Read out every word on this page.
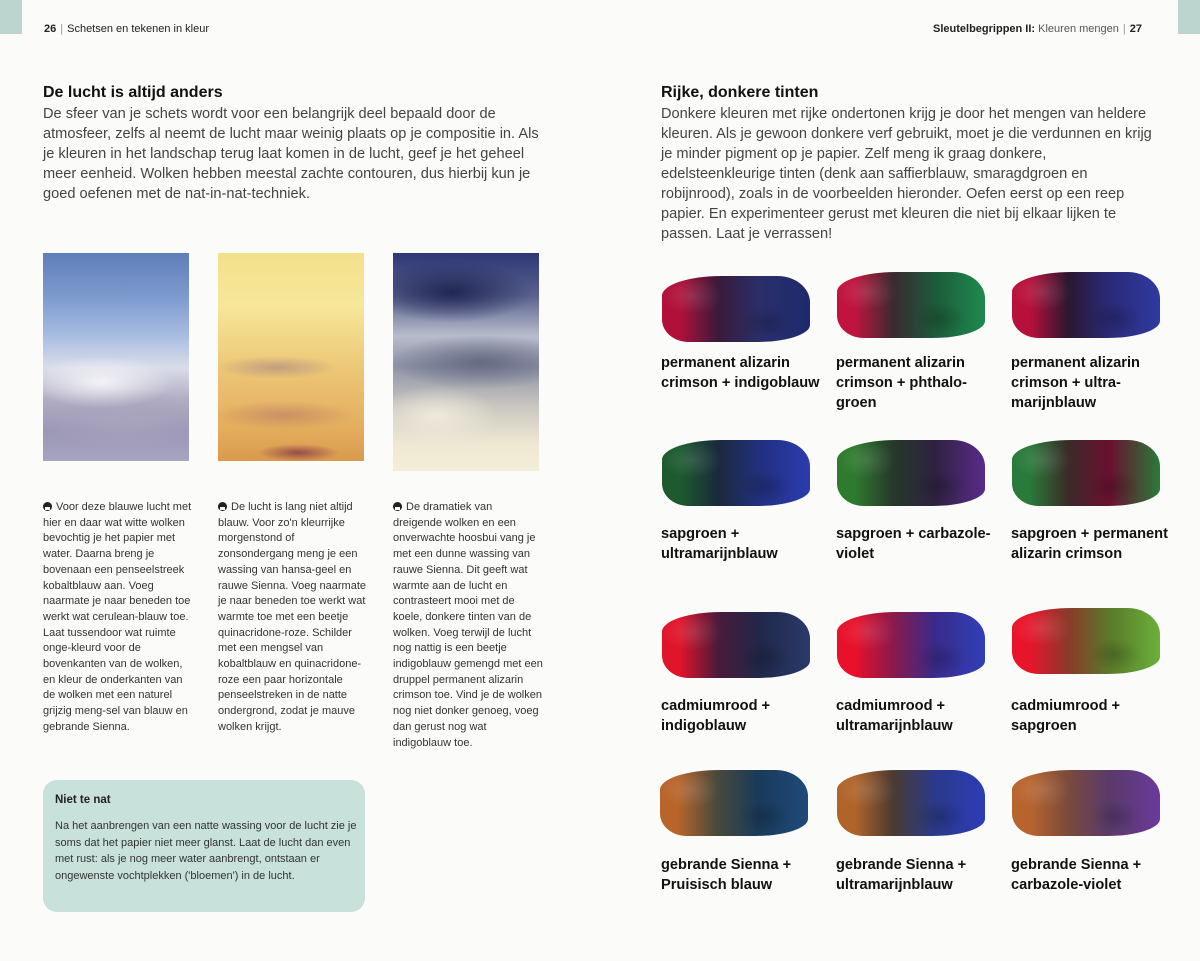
26 | Schetsen en tekenen in kleur	Sleutelbegrippen II: Kleuren mengen | 27
De lucht is altijd anders

De sfeer van je schets wordt voor een belangrijk deel bepaald door de atmosfeer, zelfs al neemt de lucht maar weinig plaats op je compositie in. Als je kleuren in het landschap terug laat komen in de lucht, geef je het geheel meer eenheid. Wolken hebben meestal zachte contouren, dus hierbij kun je goed oefenen met de nat-in-nat-techniek.

Voor deze blauwe lucht met hier en daar wat witte wolken bevochtig je het papier met water. Daarna breng je bovenaan een penseelstreek kobaltblauw aan. Voeg naarmate je naar beneden toe werkt wat cerulean-blauw toe. Laat tussendoor wat ruimte onge-kleurd voor de bovenkanten van de wolken, en kleur de onderkanten van de wolken met een naturel grijzig meng-sel van blauw en gebrande Sienna.

De lucht is lang niet altijd blauw. Voor zo'n kleurrijke morgenstond of zonsondergang meng je een wassing van hansa-geel en rauwe Sienna. Voeg naarmate je naar beneden toe werkt wat warmte toe met een beetje quinacridone-roze. Schilder met een mengsel van kobaltblauw en quinacridone-roze een paar horizontale penseelstreken in de natte ondergrond, zodat je mauve wolken krijgt.

De dramatiek van dreigende wolken en een onverwachte hoosbui vang je met een dunne wassing van rauwe Sienna. Dit geeft wat warmte aan de lucht en contrasteert mooi met de koele, donkere tinten van de wolken. Voeg terwijl de lucht nog nattig is een beetje indigoblauw gemengd met een druppel permanent alizarin crimson toe. Vind je de wolken nog niet donker genoeg, voeg dan gerust nog wat indigoblauw toe.

Niet te nat

Na het aanbrengen van een natte wassing voor de lucht zie je soms dat het papier niet meer glanst. Laat de lucht dan even met rust: als je nog meer water aanbrengt, ontstaan er ongewenste vochtplekken ('bloemen') in de lucht.

Rijke, donkere tinten

Donkere kleuren met rijke ondertonen krijg je door het mengen van heldere kleuren. Als je gewoon donkere verf gebruikt, moet je die verdunnen en krijg je minder pigment op je papier. Zelf meng ik graag donkere, edelsteenkleurige tinten (denk aan saffierblauw, smaragdgroen en robijnrood), zoals in de voorbeelden hieronder. Oefen eerst op een reep papier. En experimenteer gerust met kleuren die niet bij elkaar lijken te passen. Laat je verrassen!

permanent alizarin crimson + indigoblauw

permanent alizarin crimson + phthalo-groen

permanent alizarin crimson + ultra-marijnblauw

sapgroen + ultramarijnblauw

sapgroen + carbazole-violet

sapgroen + permanent alizarin crimson

cadmiumrood + indigoblauw

cadmiumrood + ultramarijnblauw

cadmiumrood + sapgroen

gebrande Sienna + Pruisisch blauw

gebrande Sienna + ultramarijnblauw

gebrande Sienna + carbazole-violet
